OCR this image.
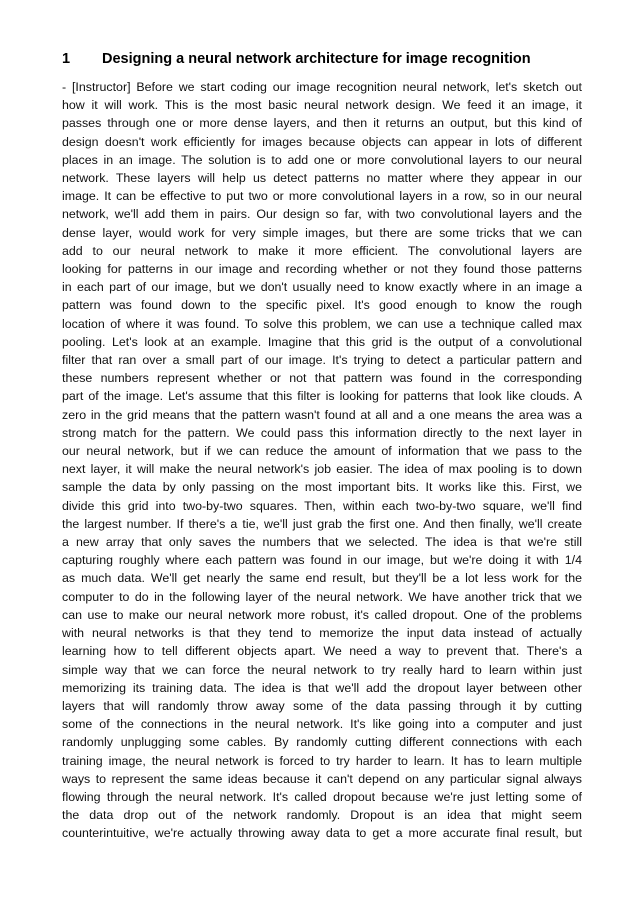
1 Designing a neural network architecture for image recognition
- [Instructor] Before we start coding our image recognition neural network, let's sketch out
how it will work. This is the most basic neural network design. We feed it an image, it
passes through one or more dense layers, and then it returns an output, but this kind of
design doesn't work efficiently for images because objects can appear in lots of different
places in an image. The solution is to add one or more convolutional layers to our neural
network. These layers will help us detect patterns no matter where they appear in our
image. It can be effective to put two or more convolutional layers in a row, so in our neural
network, we'll add them in pairs. Our design so far, with two convolutional layers and the
dense layer, would work for very simple images, but there are some tricks that we can
add to our neural network to make it more efficient. The convolutional layers are
looking for patterns in our image and recording whether or not they found those patterns
in each part of our image, but we don't usually need to know exactly where in an image a
pattern was found down to the specific pixel. It's good enough to know the rough
location of where it was found. To solve this problem, we can use a technique called max
pooling. Let's look at an example. Imagine that this grid is the output of a convolutional
filter that ran over a small part of our image. It's trying to detect a particular pattern and
these numbers represent whether or not that pattern was found in the corresponding
part of the image. Let's assume that this filter is looking for patterns that look like clouds. A
zero in the grid means that the pattern wasn't found at all and a one means the area was a
strong match for the pattern. We could pass this information directly to the next layer in
our neural network, but if we can reduce the amount of information that we pass to the
next layer, it will make the neural network's job easier. The idea of max pooling is to down
sample the data by only passing on the most important bits. It works like this. First, we
divide this grid into two-by-two squares. Then, within each two-by-two square, we'll find
the largest number. If there's a tie, we'll just grab the first one. And then finally, we'll create
a new array that only saves the numbers that we selected. The idea is that we're still
capturing roughly where each pattern was found in our image, but we're doing it with 1/4
as much data. We'll get nearly the same end result, but they'll be a lot less work for the
computer to do in the following layer of the neural network. We have another trick that we
can use to make our neural network more robust, it's called dropout. One of the problems
with neural networks is that they tend to memorize the input data instead of actually
learning how to tell different objects apart. We need a way to prevent that. There's a
simple way that we can force the neural network to try really hard to learn within just
memorizing its training data. The idea is that we'll add the dropout layer between other
layers that will randomly throw away some of the data passing through it by cutting
some of the connections in the neural network. It's like going into a computer and just
randomly unplugging some cables. By randomly cutting different connections with each
training image, the neural network is forced to try harder to learn. It has to learn multiple
ways to represent the same ideas because it can't depend on any particular signal always
flowing through the neural network. It's called dropout because we're just letting some of
the data drop out of the network randomly. Dropout is an idea that might seem
counterintuitive, we're actually throwing away data to get a more accurate final result, but
